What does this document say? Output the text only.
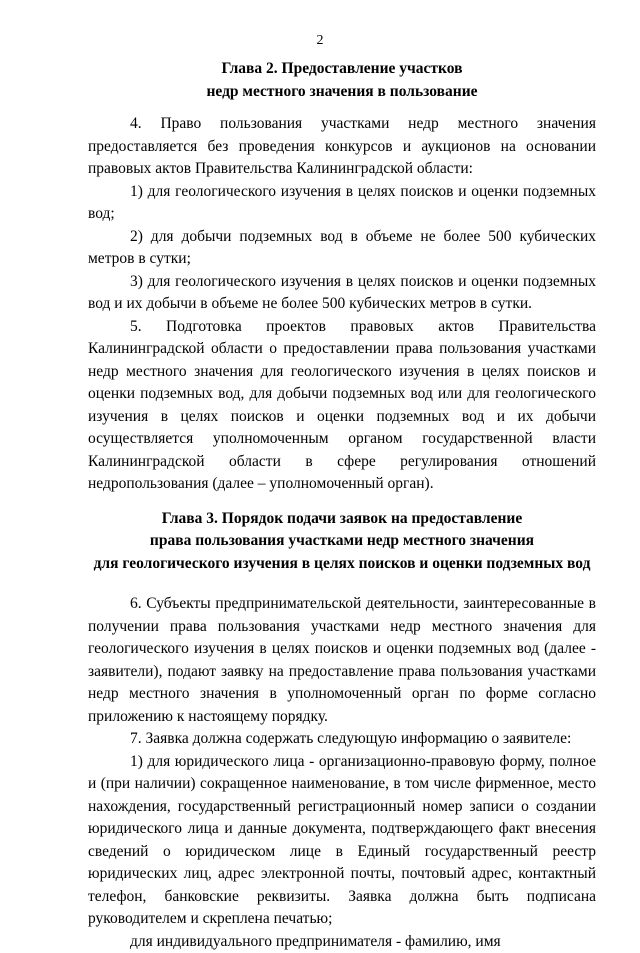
2
Глава 2. Предоставление участков
недр местного значения в пользование

4. Право пользования участками недр местного значения предоставляется без проведения конкурсов и аукционов на основании правовых актов Правительства Калининградской области:

1) для геологического изучения в целях поисков и оценки подземных вод;

2) для добычи подземных вод в объеме не более 500 кубических метров в сутки;

3) для геологического изучения в целях поисков и оценки подземных вод и их добычи в объеме не более 500 кубических метров в сутки.

5. Подготовка проектов правовых актов Правительства Калининградской области о предоставлении права пользования участками недр местного значения для геологического изучения в целях поисков и оценки подземных вод, для добычи подземных вод или для геологического изучения в целях поисков и оценки подземных вод и их добычи осуществляется уполномоченным органом государственной власти Калининградской области в сфере регулирования отношений недропользования (далее – уполномоченный орган).

Глава 3. Порядок подачи заявок на предоставление
права пользования участками недр местного значения
для геологического изучения в целях поисков и оценки подземных вод

6. Субъекты предпринимательской деятельности, заинтересованные в получении права пользования участками недр местного значения для геологического изучения в целях поисков и оценки подземных вод (далее - заявители), подают заявку на предоставление права пользования участками недр местного значения в уполномоченный орган по форме согласно приложению к настоящему порядку.

7. Заявка должна содержать следующую информацию о заявителе:

1) для юридического лица - организационно-правовую форму, полное и (при наличии) сокращенное наименование, в том числе фирменное, место нахождения, государственный регистрационный номер записи о создании юридического лица и данные документа, подтверждающего факт внесения сведений о юридическом лице в Единый государственный реестр юридических лиц, адрес электронной почты, почтовый адрес, контактный телефон, банковские реквизиты. Заявка должна быть подписана руководителем и скреплена печатью;

для индивидуального предпринимателя - фамилию, имя
